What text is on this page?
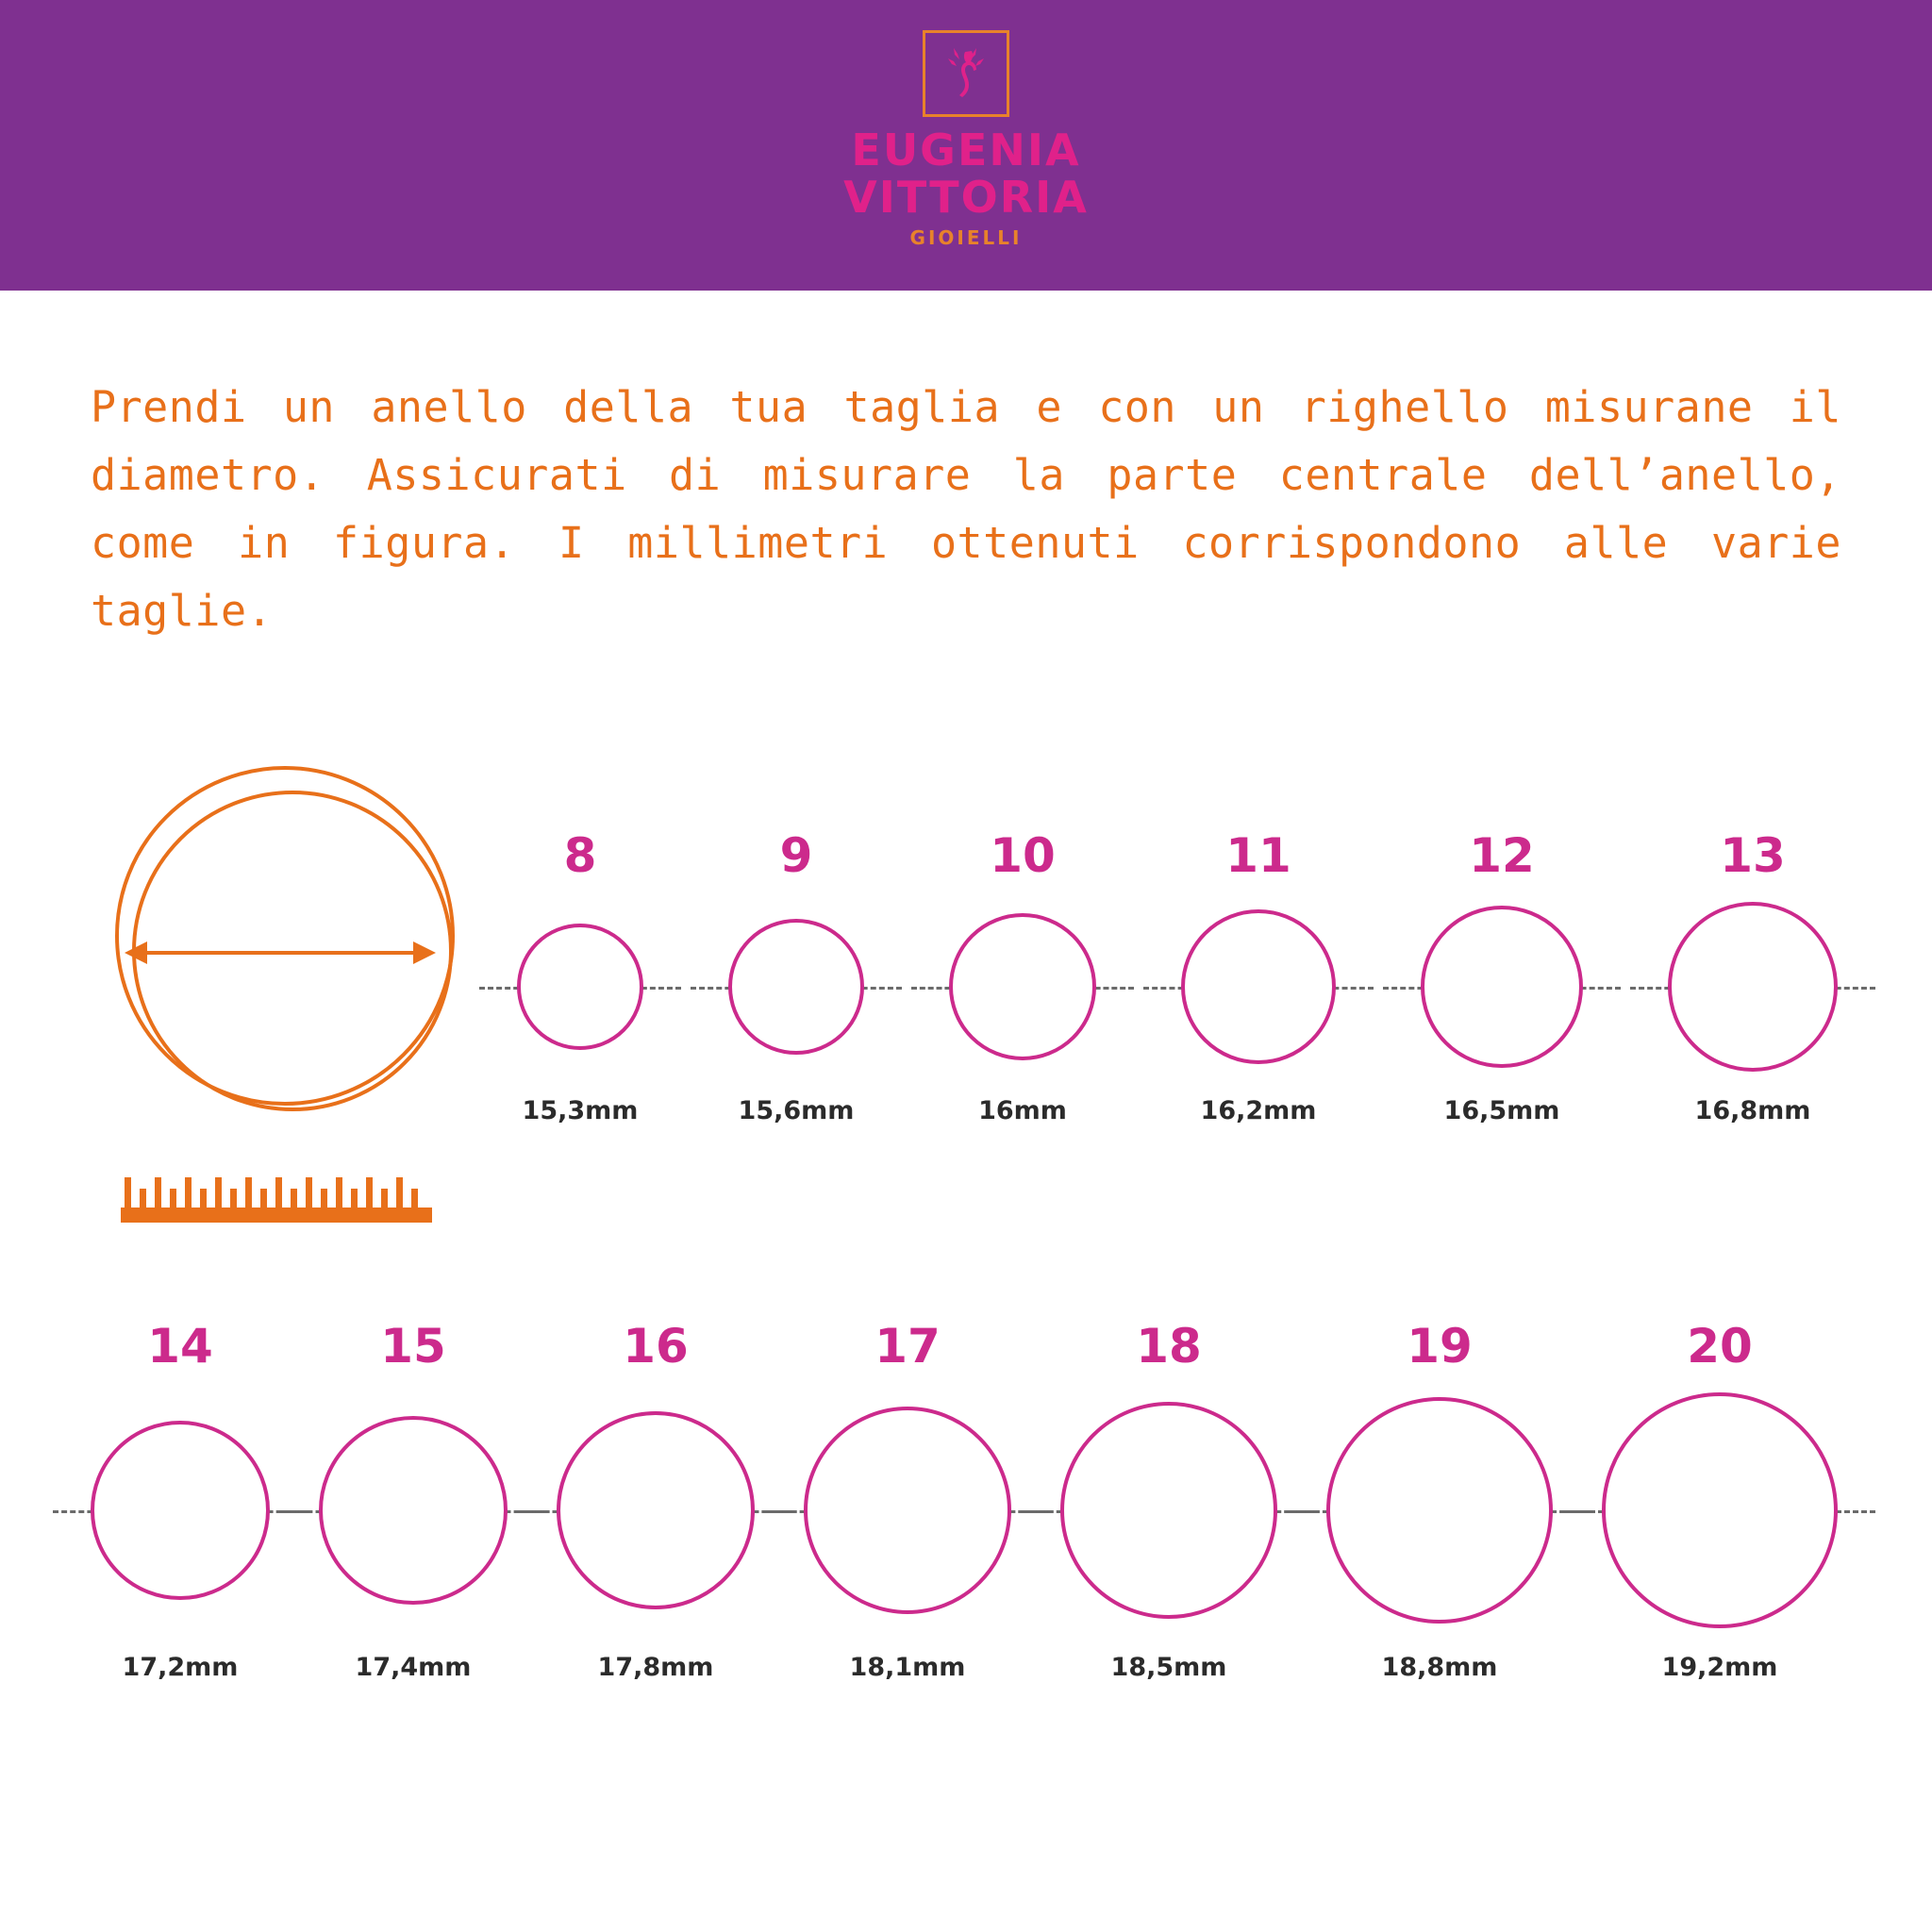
EUGENIA
VITTORIA
GIOIELLI

Prendi un anello della tua taglia e con un righello misurane il diametro. Assicurati di misurare la parte centrale dell’anello, come in figura. I millimetri ottenuti corrispondono alle varie taglie.

8
15,3mm
9
15,6mm
10
16mm
11
16,2mm
12
16,5mm
13
16,8mm
14
17,2mm
15
17,4mm
16
17,8mm
17
18,1mm
18
18,5mm
19
18,8mm
20
19,2mm
